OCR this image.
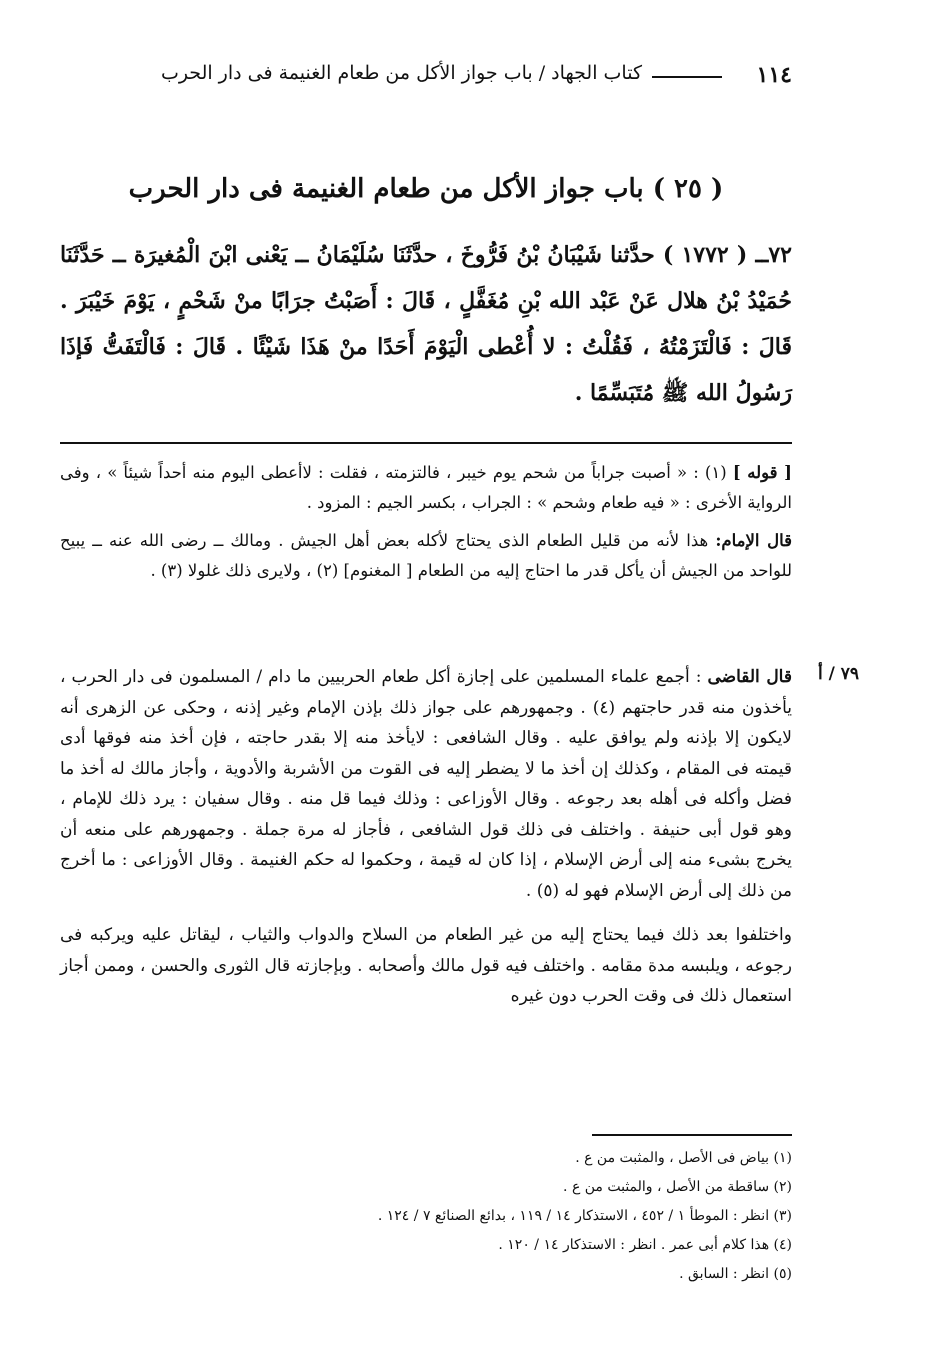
١١٤
كتاب الجهاد / باب جواز الأكل من طعام الغنيمة فى دار الحرب
( ٢٥ ) باب جواز الأكل من طعام الغنيمة فى دار الحرب
٧٢ــ ( ١٧٧٢ ) حدَّثنا شَيْبَانُ بْنُ فَرُّوخَ ، حدَّثَنَا سُلَيْمَانُ ــ يَعْنى ابْنَ الْمُغيرَة ــ حَدَّثَنَا حُمَيْدُ بْنُ هلال عَنْ عَبْد الله بْنِ مُغَفَّلٍ ، قَالَ : أَصَبْتُ جرَابًا منْ شَحْمٍ ، يَوْمَ خَيْبَرَ . قَالَ : فَالْتَزَمْتُهُ ، فَقُلْتُ : لا أُعْطى الْيَوْمَ أَحَدًا منْ هَذَا شَيْئًا . قَالَ : فَالْتَفَتُّ فَإذَا رَسُولُ الله ﷺ مُتَبَسِّمًا .

[ قوله ] (١) : « أصبت جراباً من شحم يوم خيبر ، فالتزمته ، فقلت : لاأعطى اليوم منه أحداً شيئاً » ، وفى الرواية الأخرى : « فيه طعام وشحم » : الجراب ، بكسر الجيم : المزود .

قال الإمام: هذا لأنه من قليل الطعام الذى يحتاج لأكله بعض أهل الجيش . ومالك ــ رضى الله عنه ــ يبيح للواحد من الجيش أن يأكل قدر ما احتاج إليه من الطعام [ المغنوم] (٢) ، ولايرى ذلك غلولا (٣) .

٧٩ / أ

قال القاضى : أجمع علماء المسلمين على إجازة أكل طعام الحربيين ما دام / المسلمون فى دار الحرب ، يأخذون منه قدر حاجتهم (٤) . وجمهورهم على جواز ذلك بإذن الإمام وغير إذنه ، وحكى عن الزهرى أنه لايكون إلا بإذنه ولم يوافق عليه . وقال الشافعى : لايأخذ منه إلا بقدر حاجته ، فإن أخذ منه فوقها أدى قيمته فى المقام ، وكذلك إن أخذ ما لا يضطر إليه فى القوت من الأشربة والأدوية ، وأجاز مالك له أخذ ما فضل وأكله فى أهله بعد رجوعه . وقال الأوزاعى : وذلك فيما قل منه . وقال سفيان : يرد ذلك للإمام ، وهو قول أبى حنيفة . واختلف فى ذلك قول الشافعى ، فأجاز له مرة جملة . وجمهورهم على منعه أن يخرج بشىء منه إلى أرض الإسلام ، إذا كان له قيمة ، وحكموا له حكم الغنيمة . وقال الأوزاعى : ما أخرج من ذلك إلى أرض الإسلام فهو له (٥) .

واختلفوا بعد ذلك فيما يحتاج إليه من غير الطعام من السلاح والدواب والثياب ، ليقاتل عليه ويركبه فى رجوعه ، ويلبسه مدة مقامه . واختلف فيه قول مالك وأصحابه . وبإجازته قال الثورى والحسن ، وممن أجاز استعمال ذلك فى وقت الحرب دون غيره

(١) بياض فى الأصل ، والمثبت من ع .
(٢) ساقطة من الأصل ، والمثبت من ع .
(٣) انظر : الموطأ ١ / ٤٥٢ ، الاستذكار ١٤ / ١١٩ ، بدائع الصنائع ٧ / ١٢٤ .
(٤) هذا كلام أبى عمر . انظر : الاستذكار ١٤ / ١٢٠ .
(٥) انظر : السابق .
